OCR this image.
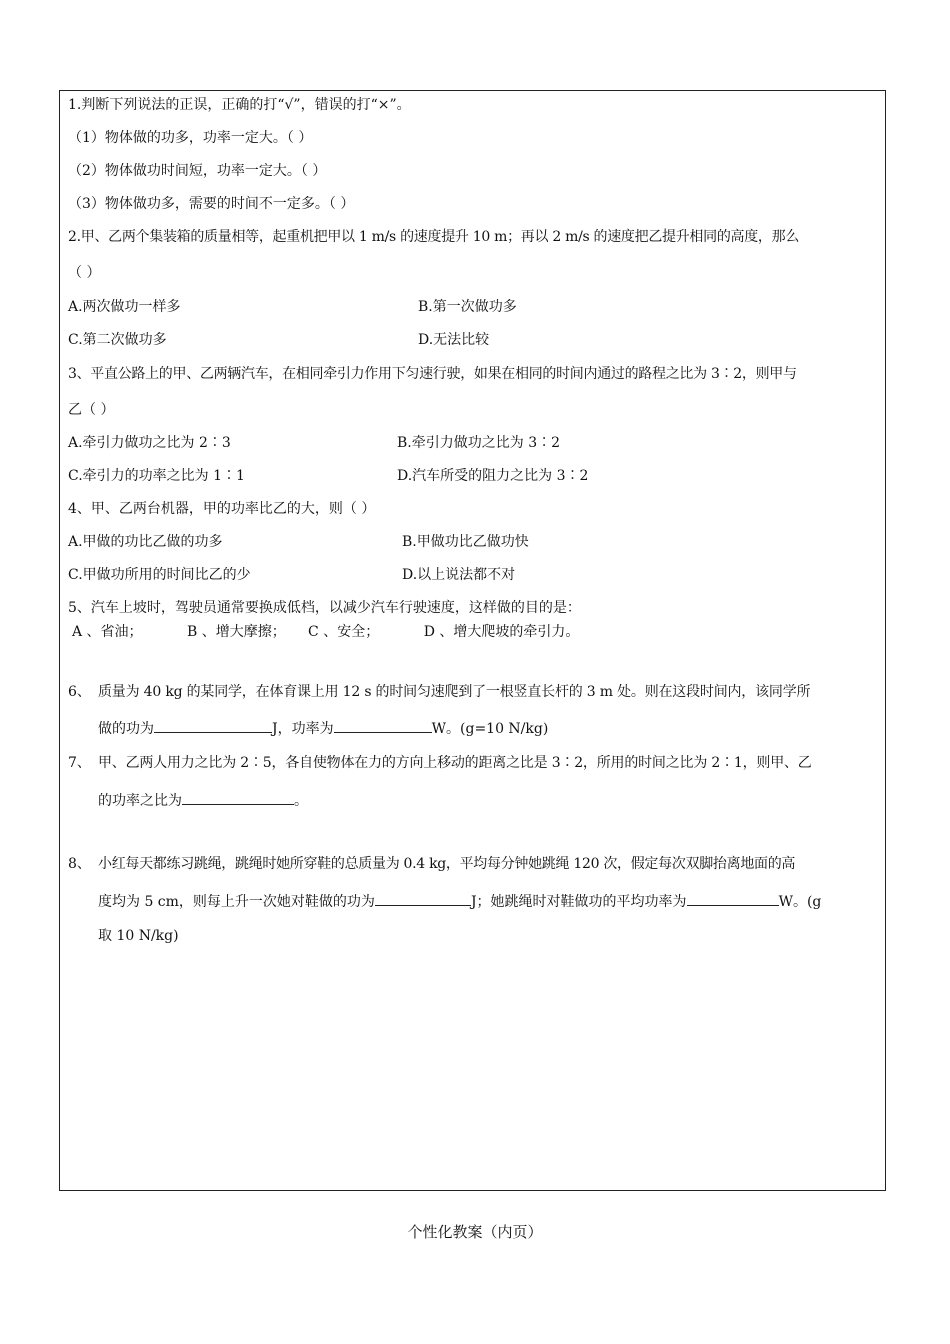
1.判断下列说法的正误，正确的打“√”，错误的打“×”。
（1）物体做的功多，功率一定大。（ ）
（2）物体做功时间短，功率一定大。（ ）
（3）物体做功多，需要的时间不一定多。（ ）
2.甲、乙两个集装箱的质量相等，起重机把甲以 1 m/s 的速度提升 10 m；再以 2 m/s 的速度把乙提升相同的高度，那么
（ ）
A.两次做功一样多	B.第一次做功多
C.第二次做功多	D.无法比较
3、平直公路上的甲、乙两辆汽车，在相同牵引力作用下匀速行驶，如果在相同的时间内通过的路程之比为 3∶2，则甲与
乙（ ）
A.牵引力做功之比为 2∶3	B.牵引力做功之比为 3∶2
C.牵引力的功率之比为 1∶1	D.汽车所受的阻力之比为 3∶2
4、甲、乙两台机器，甲的功率比乙的大，则（ ）
A.甲做的功比乙做的功多	B.甲做功比乙做功快
C.甲做功所用的时间比乙的少	D.以上说法都不对
5、汽车上坡时，驾驶员通常要换成低档，以减少汽车行驶速度，这样做的目的是：
A 、省油；          B 、增大摩擦；     C 、安全；          D 、增大爬坡的牵引力。
6、 质量为 40 kg 的某同学，在体育课上用 12 s 的时间匀速爬到了一根竖直长杆的 3 m 处。则在这段时间内，该同学所
做的功为	J，功率为	W。(g=10 N/kg)
7、 甲、乙两人用力之比为 2∶5，各自使物体在力的方向上移动的距离之比是 3∶2，所用的时间之比为 2∶1，则甲、乙
的功率之比为	。
8、 小红每天都练习跳绳，跳绳时她所穿鞋的总质量为 0.4 kg，平均每分钟她跳绳 120 次，假定每次双脚抬离地面的高
度均为 5 cm，则每上升一次她对鞋做的功为	J；她跳绳时对鞋做功的平均功率为	W。(g
取 10 N/kg)
个性化教案（内页）
